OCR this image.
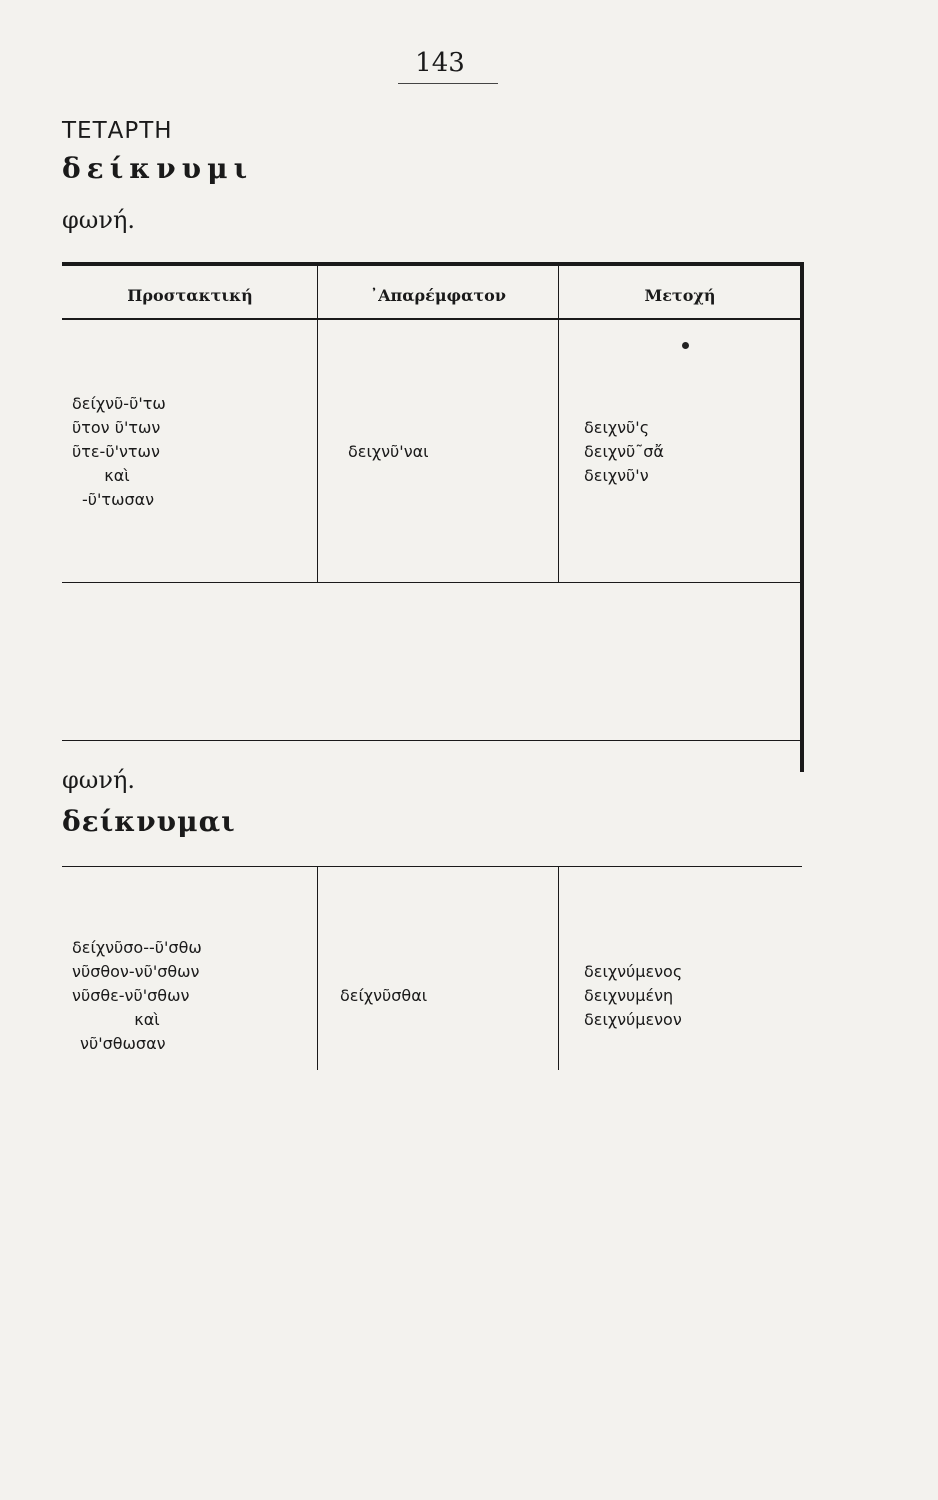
143
ΤΕΤΑΡΤΗ
δείκνυμι
φωνή.
Προστακτική	᾿Απαρέμφατον	Μετοχή
δείχνῦ-ῦ'τω
ῦτον ῦ'των
ῦτε-ῦ'ντων
καὶ
-ῦ'τωσαν
δειχνῦ'ναι
δειχνῦ'ς
δειχνῦ˜σἄ
δειχνῦ'ν
φωνή.
δείκνυμαι
δείχνῦσο--ῦ'σθω
νῦσθον-νῦ'σθων
νῦσθε-νῦ'σθων
καὶ
νῦ'σθωσαν
δείχνῦσθαι
δειχνύμενος
δειχνυμένη
δειχνύμενον
